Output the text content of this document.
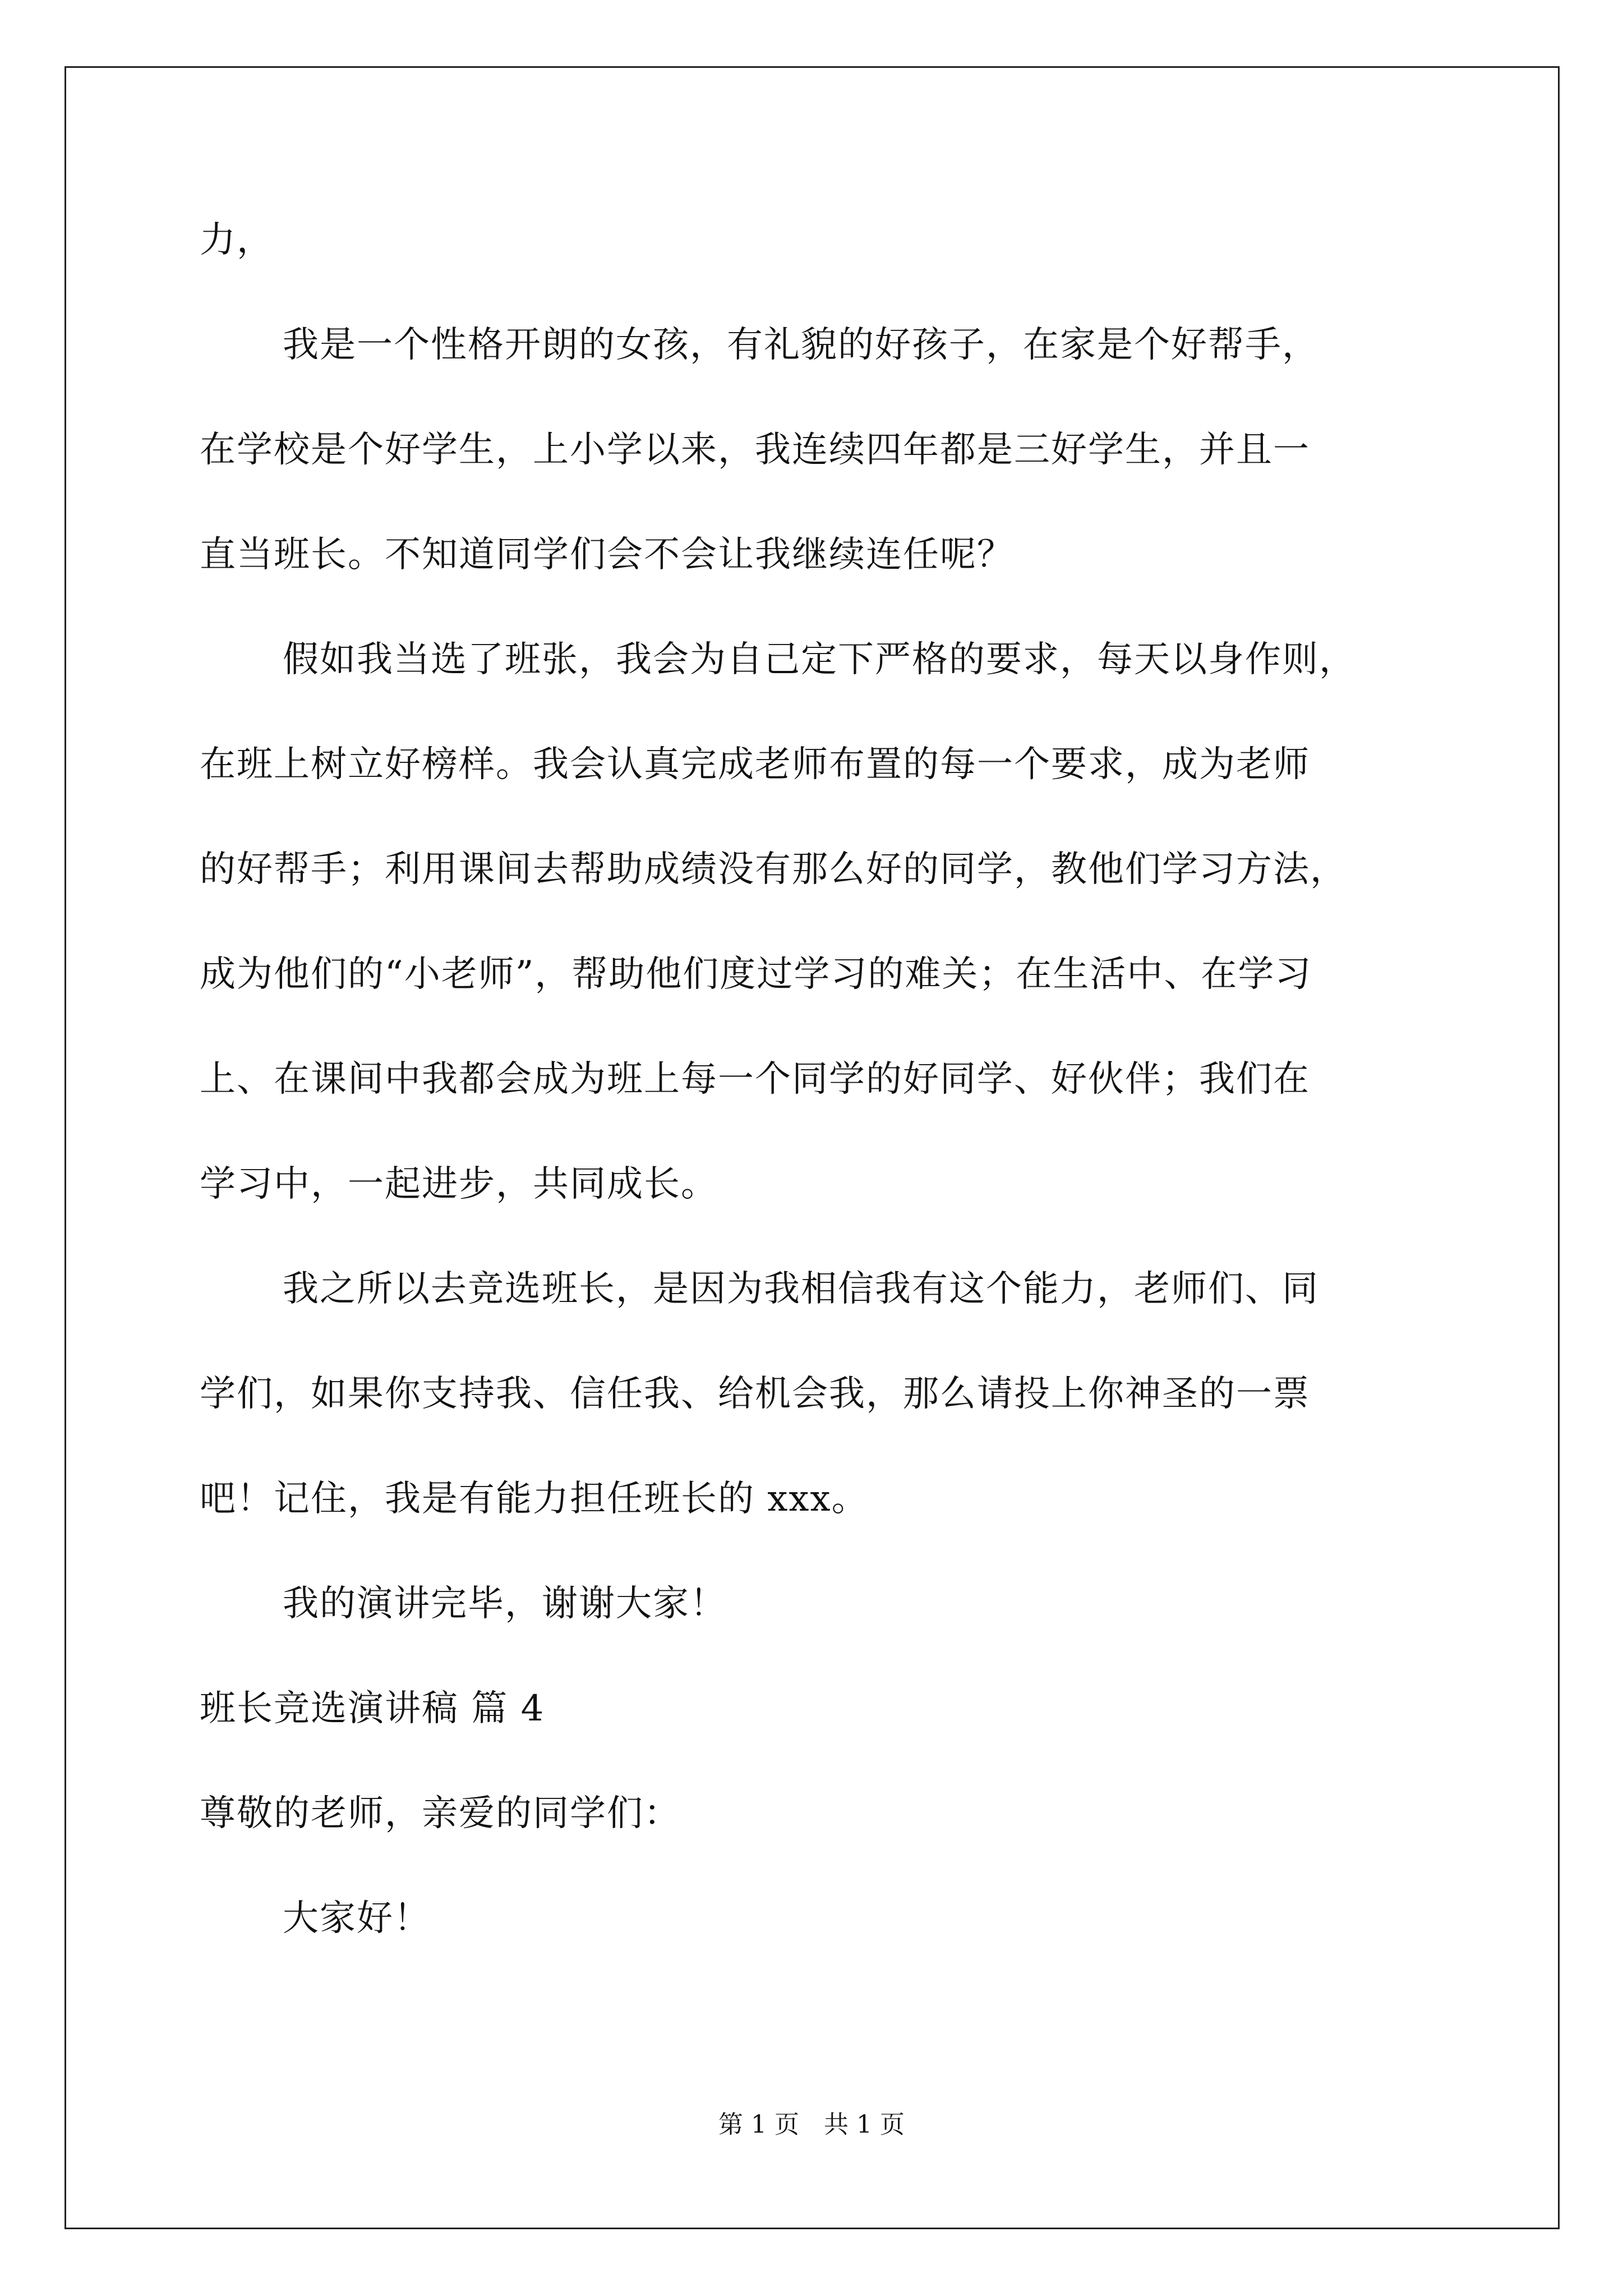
力，

我是一个性格开朗的女孩，有礼貌的好孩子，在家是个好帮手，

在学校是个好学生，上小学以来，我连续四年都是三好学生，并且一

直当班长。不知道同学们会不会让我继续连任呢？

假如我当选了班张，我会为自己定下严格的要求，每天以身作则，

在班上树立好榜样。我会认真完成老师布置的每一个要求，成为老师

的好帮手；利用课间去帮助成绩没有那么好的同学，教他们学习方法，

成为他们的“小老师”，帮助他们度过学习的难关；在生活中、在学习

上、在课间中我都会成为班上每一个同学的好同学、好伙伴；我们在

学习中，一起进步，共同成长。

我之所以去竞选班长，是因为我相信我有这个能力，老师们、同

学们，如果你支持我、信任我、给机会我，那么请投上你神圣的一票

吧！记住，我是有能力担任班长的 xxx。

我的演讲完毕，谢谢大家！

班长竞选演讲稿 篇 4

尊敬的老师，亲爱的同学们：

大家好！

第 1 页　共 1 页
